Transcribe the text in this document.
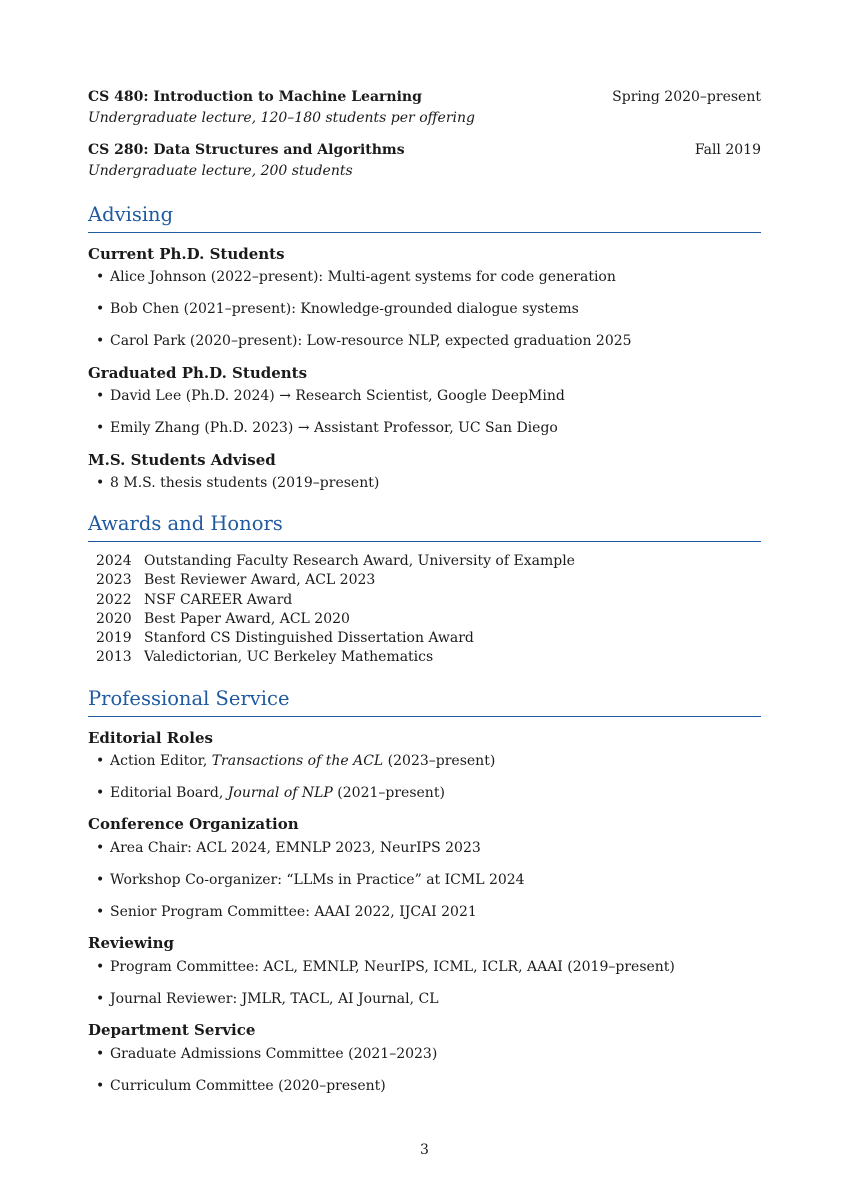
CS 480: Introduction to Machine Learning	Spring 2020–present
Undergraduate lecture, 120–180 students per offering
CS 280: Data Structures and Algorithms	Fall 2019
Undergraduate lecture, 200 students
Advising
Current Ph.D. Students
• Alice Johnson (2022–present): Multi-agent systems for code generation
• Bob Chen (2021–present): Knowledge-grounded dialogue systems
• Carol Park (2020–present): Low-resource NLP, expected graduation 2025
Graduated Ph.D. Students
• David Lee (Ph.D. 2024) → Research Scientist, Google DeepMind
• Emily Zhang (Ph.D. 2023) → Assistant Professor, UC San Diego
M.S. Students Advised
• 8 M.S. thesis students (2019–present)
Awards and Honors
2024 Outstanding Faculty Research Award, University of Example
2023 Best Reviewer Award, ACL 2023
2022 NSF CAREER Award
2020 Best Paper Award, ACL 2020
2019 Stanford CS Distinguished Dissertation Award
2013 Valedictorian, UC Berkeley Mathematics
Professional Service
Editorial Roles
• Action Editor, Transactions of the ACL (2023–present)
• Editorial Board, Journal of NLP (2021–present)
Conference Organization
• Area Chair: ACL 2024, EMNLP 2023, NeurIPS 2023
• Workshop Co-organizer: “LLMs in Practice” at ICML 2024
• Senior Program Committee: AAAI 2022, IJCAI 2021
Reviewing
• Program Committee: ACL, EMNLP, NeurIPS, ICML, ICLR, AAAI (2019–present)
• Journal Reviewer: JMLR, TACL, AI Journal, CL
Department Service
• Graduate Admissions Committee (2021–2023)
• Curriculum Committee (2020–present)
3
